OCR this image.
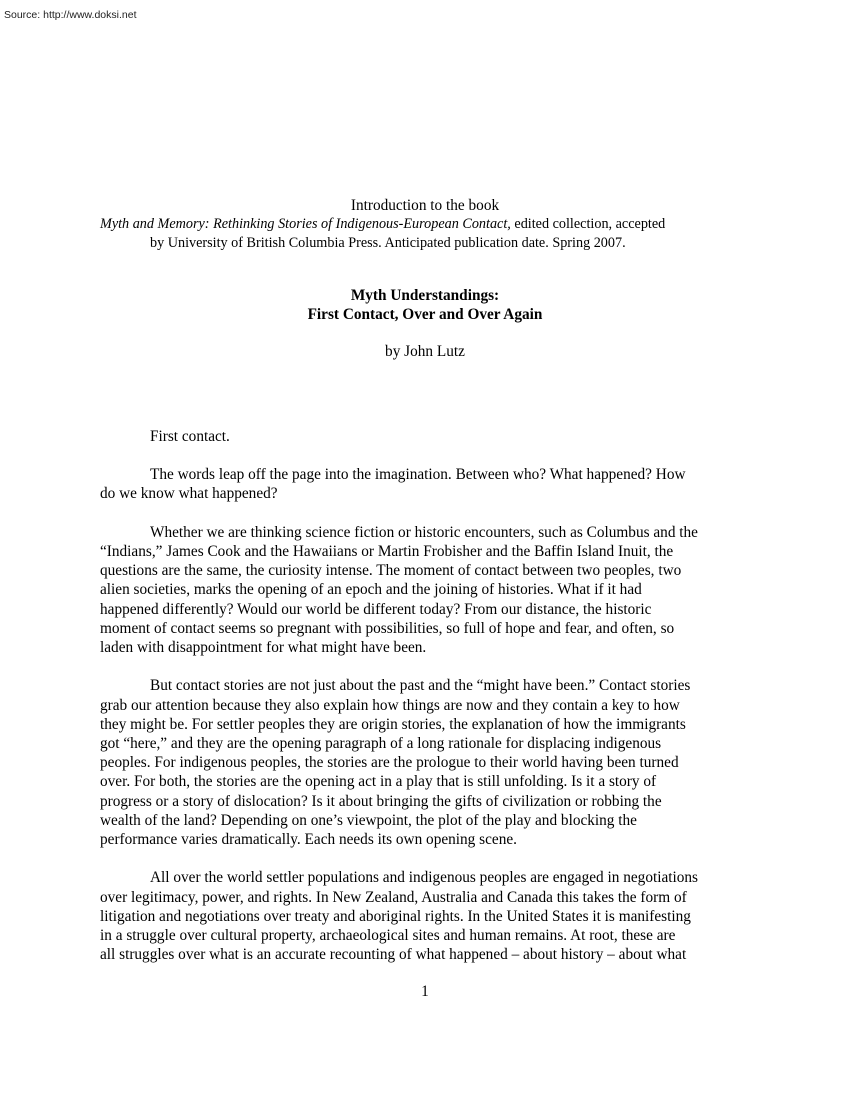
Source: http://www.doksi.net

Introduction to the book

Myth and Memory: Rethinking Stories of Indigenous-European Contact, edited collection, accepted
by University of British Columbia Press. Anticipated publication date. Spring 2007.

Myth Understandings:

First Contact, Over and Over Again

by John Lutz

First contact.

The words leap off the page into the imagination. Between who? What happened? How
do we know what happened?

Whether we are thinking science fiction or historic encounters, such as Columbus and the
“Indians,” James Cook and the Hawaiians or Martin Frobisher and the Baffin Island Inuit, the
questions are the same, the curiosity intense. The moment of contact between two peoples, two
alien societies, marks the opening of an epoch and the joining of histories. What if it had
happened differently? Would our world be different today? From our distance, the historic
moment of contact seems so pregnant with possibilities, so full of hope and fear, and often, so
laden with disappointment for what might have been.

But contact stories are not just about the past and the “might have been.” Contact stories
grab our attention because they also explain how things are now and they contain a key to how
they might be. For settler peoples they are origin stories, the explanation of how the immigrants
got “here,” and they are the opening paragraph of a long rationale for displacing indigenous
peoples. For indigenous peoples, the stories are the prologue to their world having been turned
over. For both, the stories are the opening act in a play that is still unfolding. Is it a story of
progress or a story of dislocation? Is it about bringing the gifts of civilization or robbing the
wealth of the land? Depending on one’s viewpoint, the plot of the play and blocking the
performance varies dramatically. Each needs its own opening scene.

All over the world settler populations and indigenous peoples are engaged in negotiations
over legitimacy, power, and rights. In New Zealand, Australia and Canada this takes the form of
litigation and negotiations over treaty and aboriginal rights. In the United States it is manifesting
in a struggle over cultural property, archaeological sites and human remains. At root, these are
all struggles over what is an accurate recounting of what happened – about history – about what

1
